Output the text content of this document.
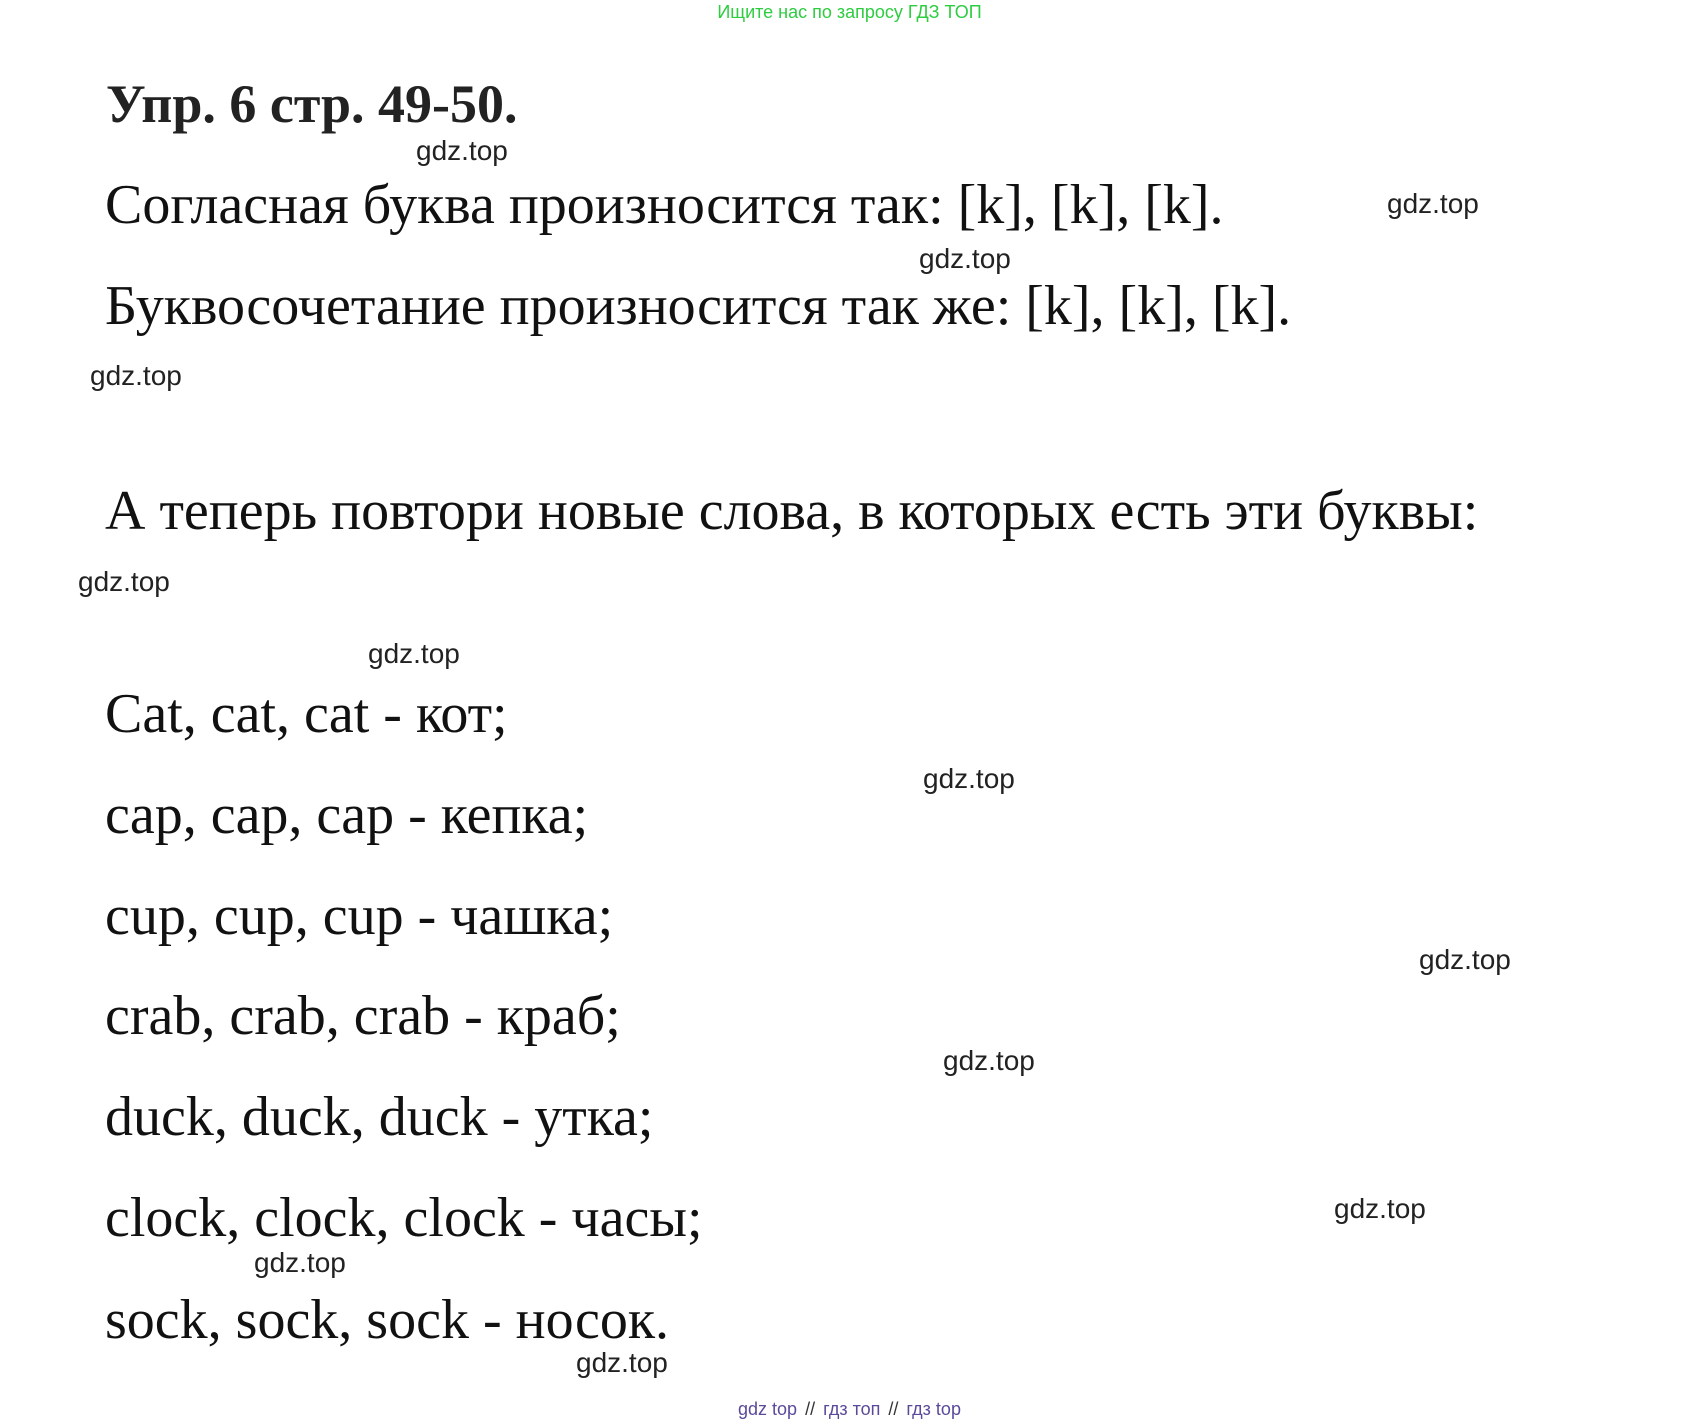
Ищите нас по запросу ГДЗ ТОП
Упр. 6 стр. 49-50.

Согласная буква произносится так: [k], [k], [k].

Буквосочетание произносится так же: [k], [k], [k].

А теперь повтори новые слова, в которых есть эти буквы:

Cat, cat, cat - кот;

cap, cap, cap - кепка;

cup, cup, cup - чашка;

crab, crab, crab - краб;

duck, duck, duck - утка;

clock, clock, clock - часы;

sock, sock, sock - носок.

gdz.top
gdz.top
gdz.top
gdz.top
gdz.top
gdz.top
gdz.top
gdz.top
gdz.top
gdz.top
gdz.top
gdz.top
gdz top // гдз топ // гдз top
